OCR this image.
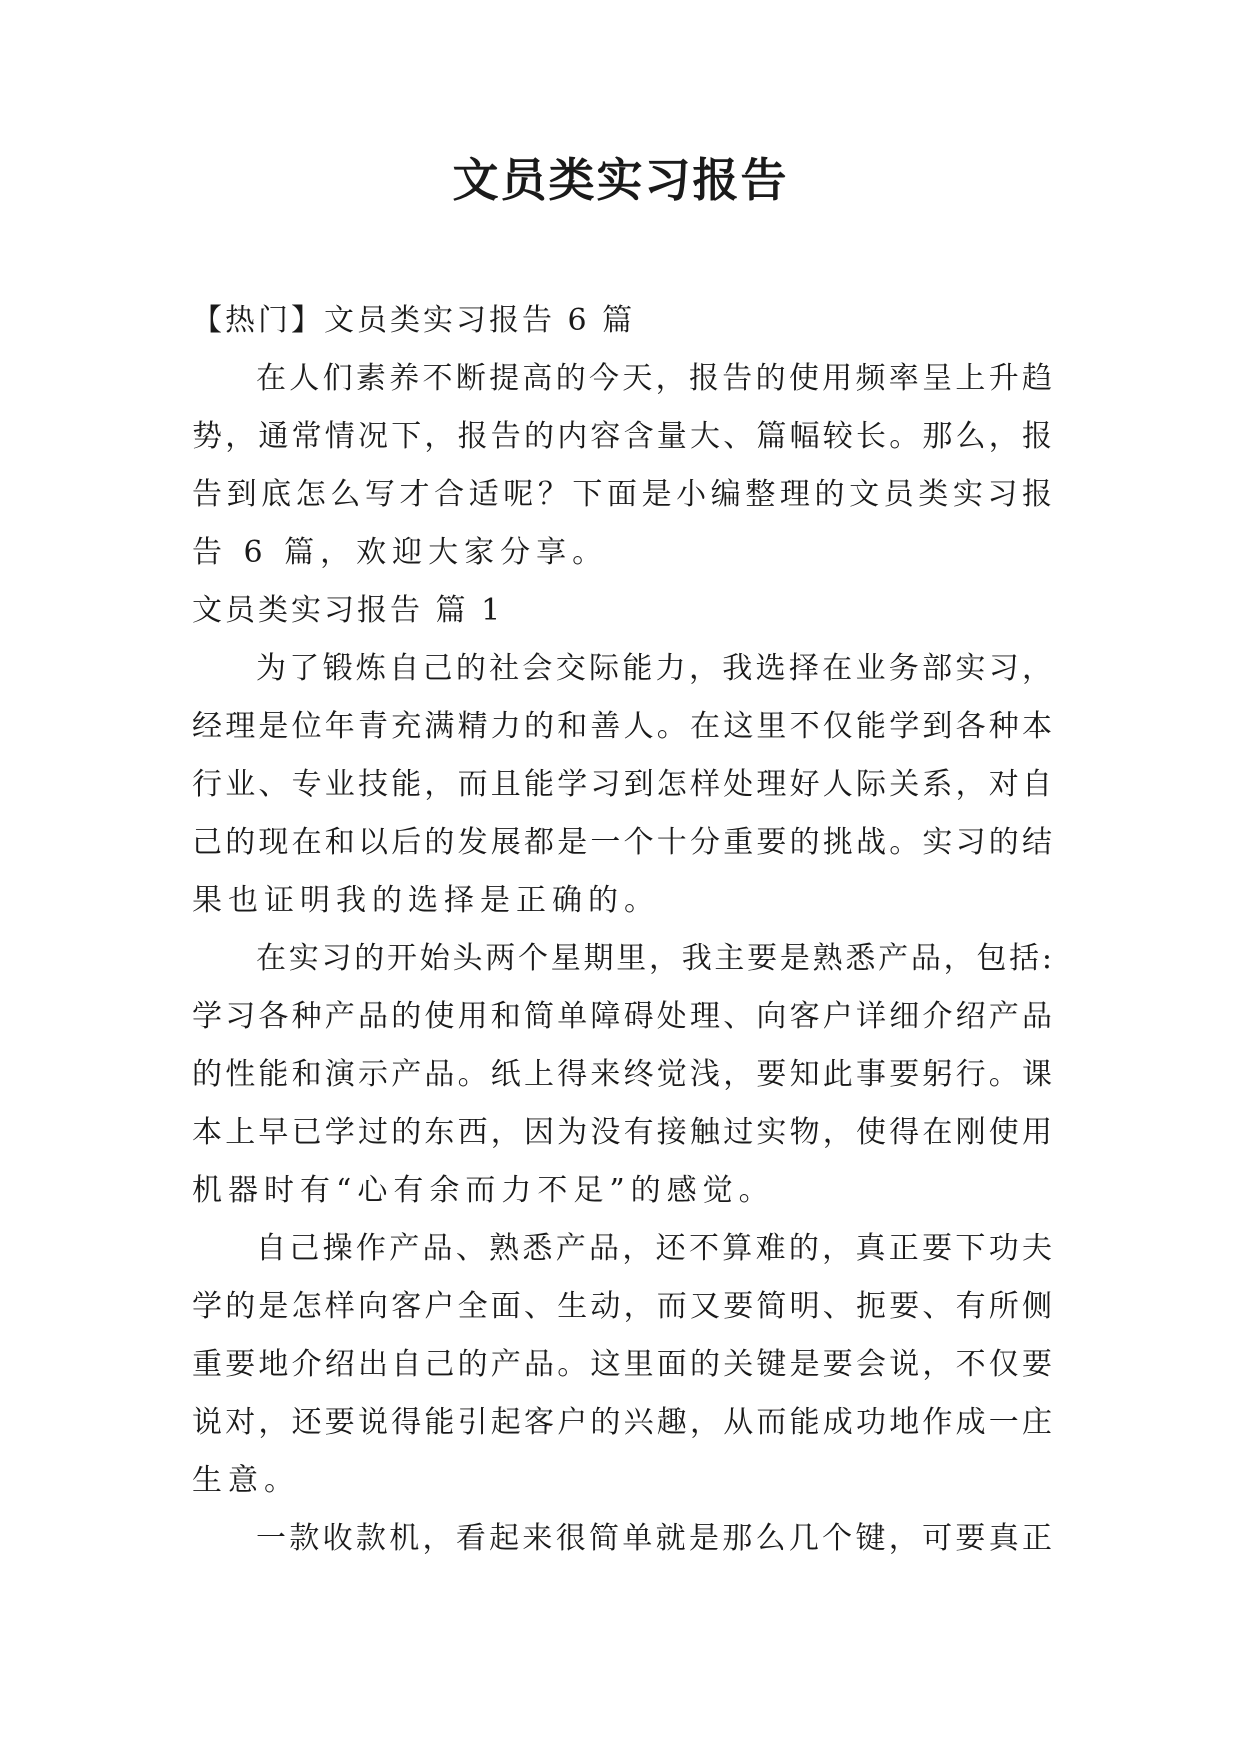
文员类实习报告

【热门】文员类实习报告 6 篇

在人们素养不断提高的今天，报告的使用频率呈上升趋

势，通常情况下，报告的内容含量大、篇幅较长。那么，报

告到底怎么写才合适呢？下面是小编整理的文员类实习报

告 6 篇，欢迎大家分享。

文员类实习报告 篇 1

为了锻炼自己的社会交际能力，我选择在业务部实习，

经理是位年青充满精力的和善人。在这里不仅能学到各种本

行业、专业技能，而且能学习到怎样处理好人际关系，对自

己的现在和以后的发展都是一个十分重要的挑战。实习的结

果也证明我的选择是正确的。

在实习的开始头两个星期里，我主要是熟悉产品，包括:

学习各种产品的使用和简单障碍处理、向客户详细介绍产品

的性能和演示产品。纸上得来终觉浅，要知此事要躬行。课

本上早已学过的东西，因为没有接触过实物，使得在刚使用

机器时有“心有余而力不足”的感觉。

自己操作产品、熟悉产品，还不算难的，真正要下功夫

学的是怎样向客户全面、生动，而又要简明、扼要、有所侧

重要地介绍出自己的产品。这里面的关键是要会说，不仅要

说对，还要说得能引起客户的兴趣，从而能成功地作成一庄

生意。

一款收款机，看起来很简单就是那么几个键，可要真正
